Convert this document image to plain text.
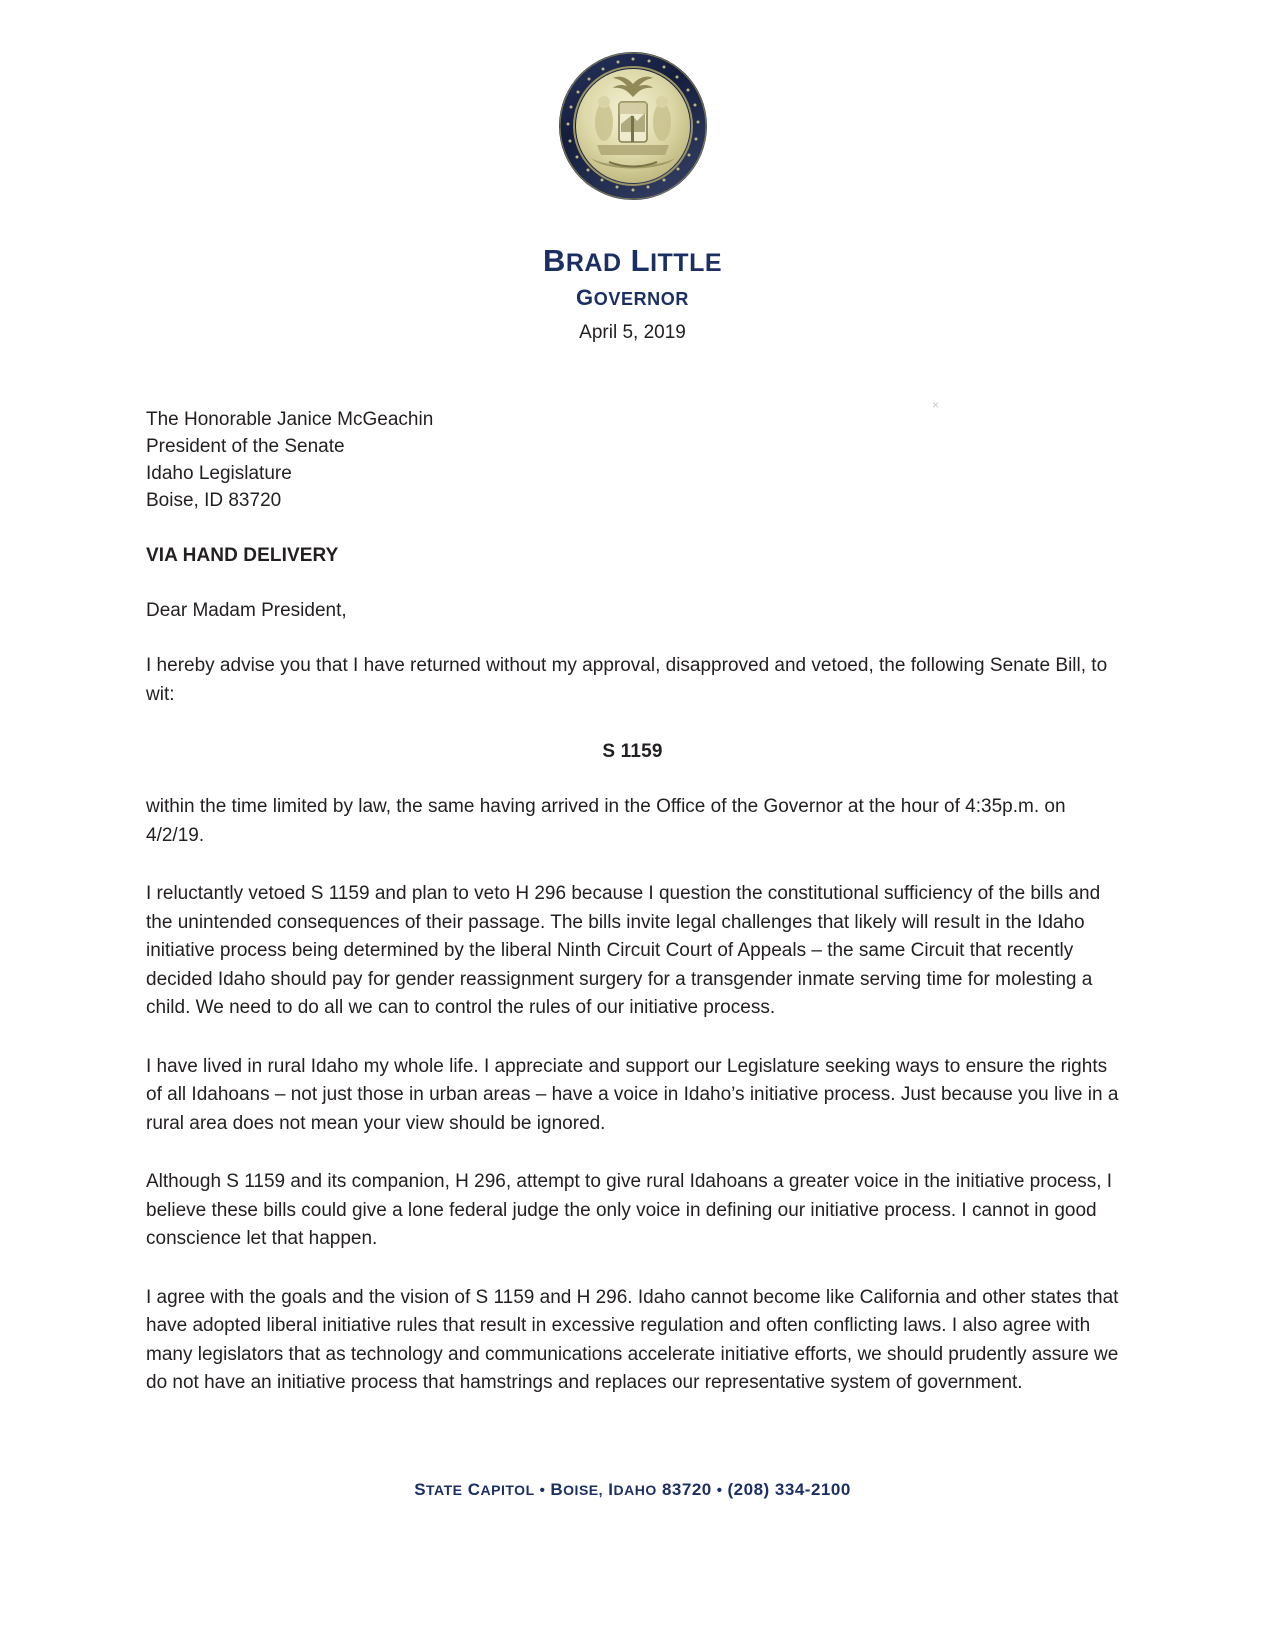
BRAD LITTLE
GOVERNOR
×
April 5, 2019
The Honorable Janice McGeachin
President of the Senate
Idaho Legislature
Boise, ID 83720
VIA HAND DELIVERY
Dear Madam President,

I hereby advise you that I have returned without my approval, disapproved and vetoed, the following Senate Bill, to wit:

S 1159

within the time limited by law, the same having arrived in the Office of the Governor at the hour of 4:35p.m. on 4/2/19.

I reluctantly vetoed S 1159 and plan to veto H 296 because I question the constitutional sufficiency of the bills and the unintended consequences of their passage. The bills invite legal challenges that likely will result in the Idaho initiative process being determined by the liberal Ninth Circuit Court of Appeals – the same Circuit that recently decided Idaho should pay for gender reassignment surgery for a transgender inmate serving time for molesting a child. We need to do all we can to control the rules of our initiative process.

I have lived in rural Idaho my whole life. I appreciate and support our Legislature seeking ways to ensure the rights of all Idahoans – not just those in urban areas – have a voice in Idaho’s initiative process. Just because you live in a rural area does not mean your view should be ignored.

Although S 1159 and its companion, H 296, attempt to give rural Idahoans a greater voice in the initiative process, I believe these bills could give a lone federal judge the only voice in defining our initiative process. I cannot in good conscience let that happen.

I agree with the goals and the vision of S 1159 and H 296. Idaho cannot become like California and other states that have adopted liberal initiative rules that result in excessive regulation and often conflicting laws. I also agree with many legislators that as technology and communications accelerate initiative efforts, we should prudently assure we do not have an initiative process that hamstrings and replaces our representative system of government.

STATE CAPITOL • BOISE, IDAHO 83720 • (208) 334-2100
